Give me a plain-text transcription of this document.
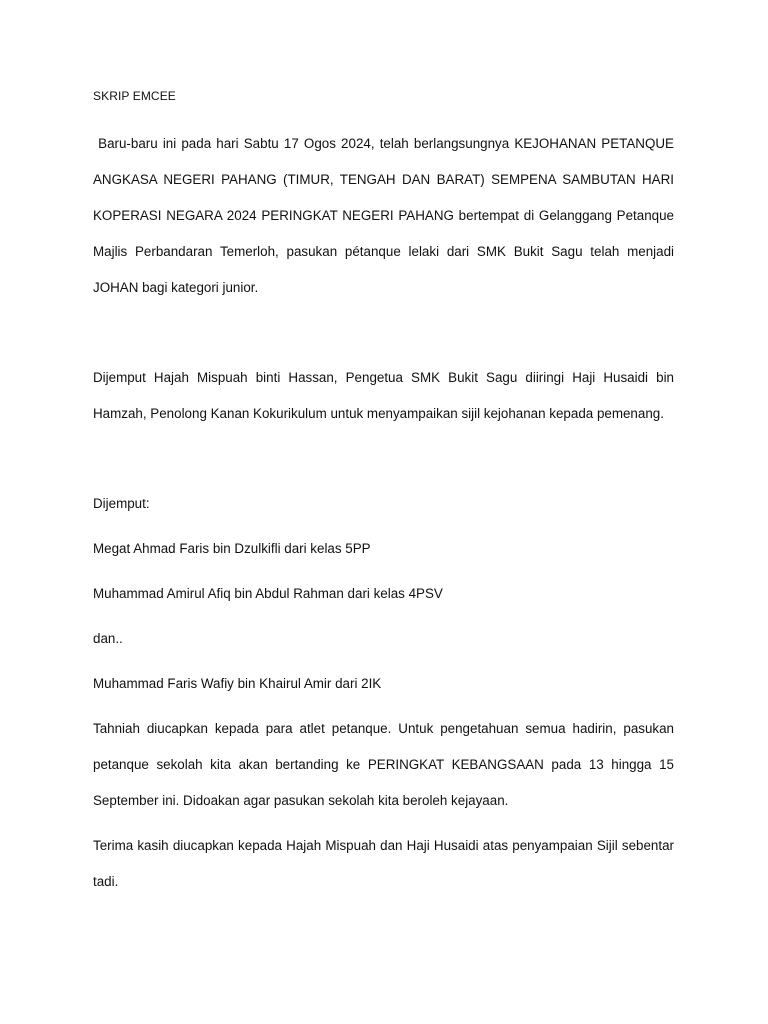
SKRIP EMCEE

Baru-baru ini pada hari Sabtu 17 Ogos 2024, telah berlangsungnya KEJOHANAN PETANQUE ANGKASA NEGERI PAHANG (TIMUR, TENGAH DAN BARAT) SEMPENA SAMBUTAN HARI KOPERASI NEGARA 2024 PERINGKAT NEGERI PAHANG bertempat di Gelanggang Petanque Majlis Perbandaran Temerloh, pasukan pétanque lelaki dari SMK Bukit Sagu telah menjadi JOHAN bagi kategori junior.

Dijemput Hajah Mispuah binti Hassan, Pengetua SMK Bukit Sagu diiringi Haji Husaidi bin Hamzah, Penolong Kanan Kokurikulum untuk menyampaikan sijil kejohanan kepada pemenang.

Dijemput:
Megat Ahmad Faris bin Dzulkifli dari kelas 5PP
Muhammad Amirul Afiq bin Abdul Rahman dari kelas 4PSV
dan..
Muhammad Faris Wafiy bin Khairul Amir dari 2IK

Tahniah diucapkan kepada para atlet petanque. Untuk pengetahuan semua hadirin, pasukan petanque sekolah kita akan bertanding ke PERINGKAT KEBANGSAAN pada 13 hingga 15 September ini. Didoakan agar pasukan sekolah kita beroleh kejayaan.

Terima kasih diucapkan kepada Hajah Mispuah dan Haji Husaidi atas penyampaian Sijil sebentar tadi.
